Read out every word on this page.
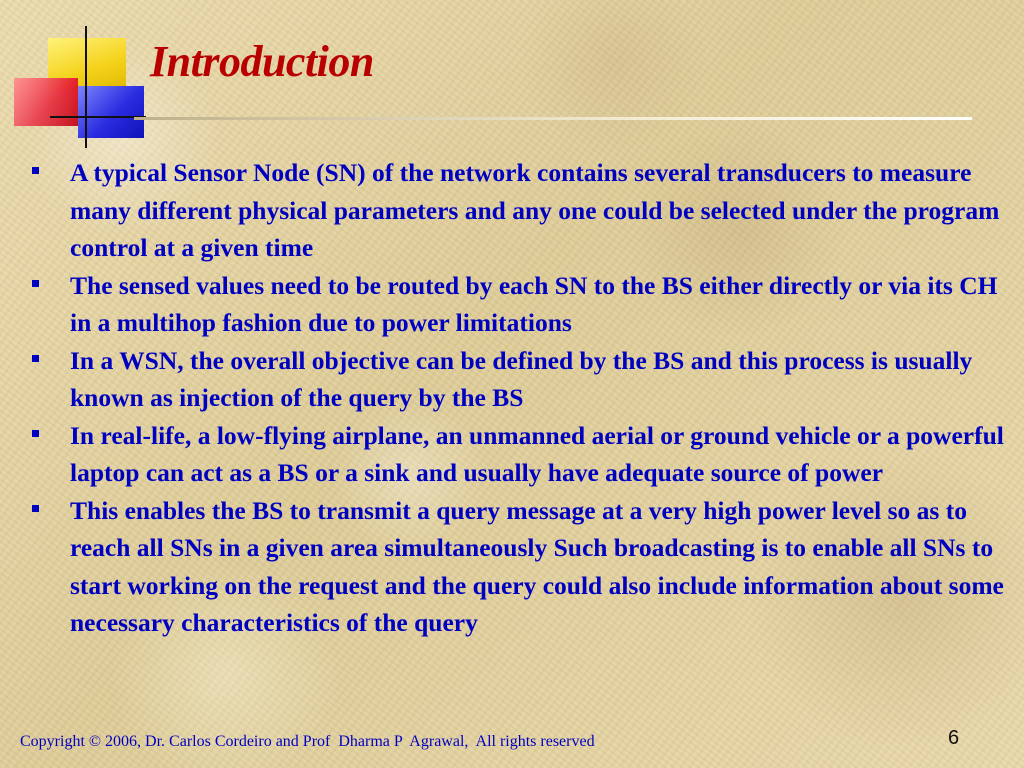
Introduction
A typical Sensor Node (SN) of the network contains several transducers to measure many different physical parameters and any one could be selected under the program control at a given time
The sensed values need to be routed by each SN to the BS either directly or via its CH in a multihop fashion due to power limitations
In a WSN, the overall objective can be defined by the BS and this process is usually known as injection of the query by the BS
In real-life, a low-flying airplane, an unmanned aerial or ground vehicle or a powerful laptop can act as a BS or a sink and usually have adequate source of power
This enables the BS to transmit a query message at a very high power level so as to reach all SNs in a given area simultaneously Such broadcasting is to enable all SNs to start working on the request and the query could also include information about some necessary characteristics of the query
Copyright © 2006, Dr. Carlos Cordeiro and Prof  Dharma P  Agrawal,  All rights reserved	6
